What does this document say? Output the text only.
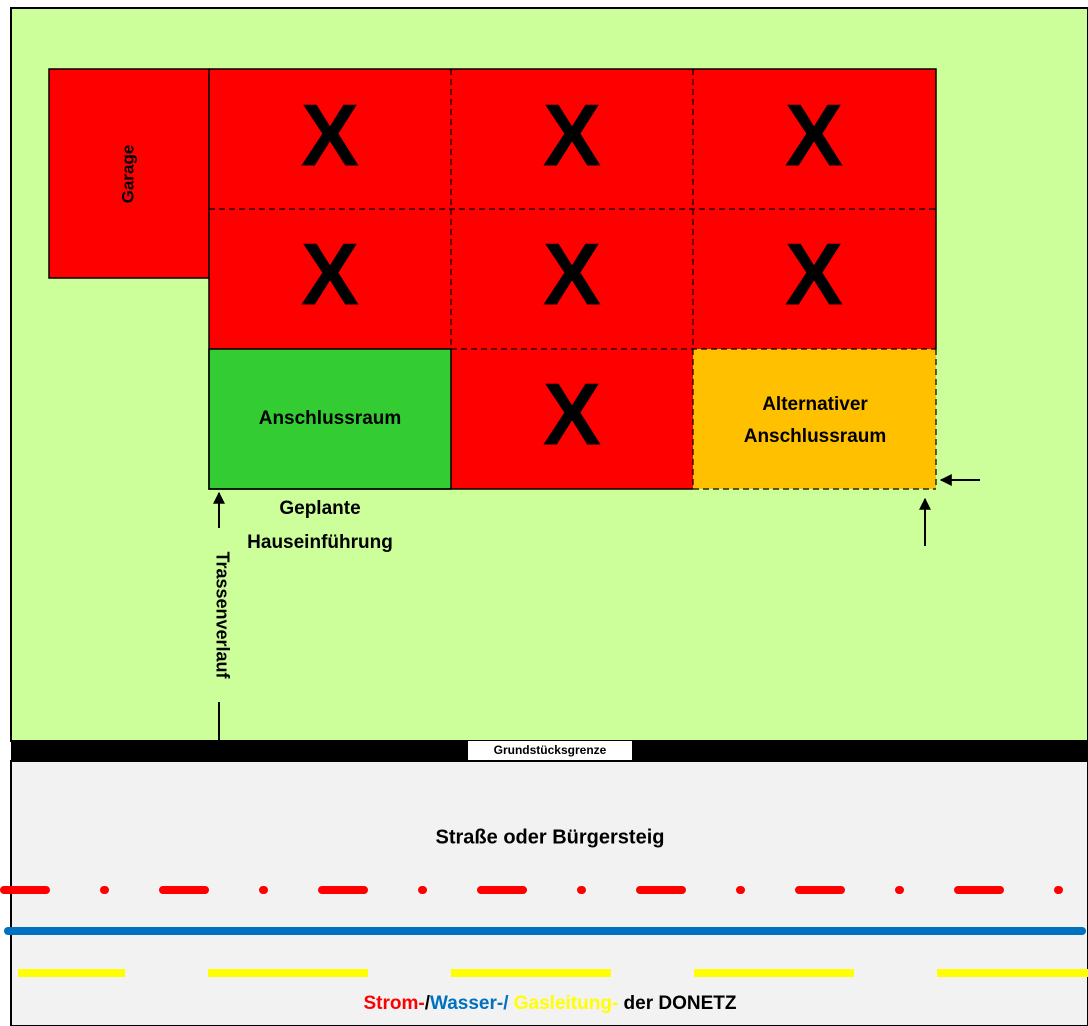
Garage X X X
X X X
X
Anschlussraum
Alternativer
Anschlussraum
Geplante
Hauseinführung
Trassenverlauf
Grundstücksgrenze
Straße oder Bürgersteig
Strom-/Wasser-/ Gasleitung- der DONETZ
